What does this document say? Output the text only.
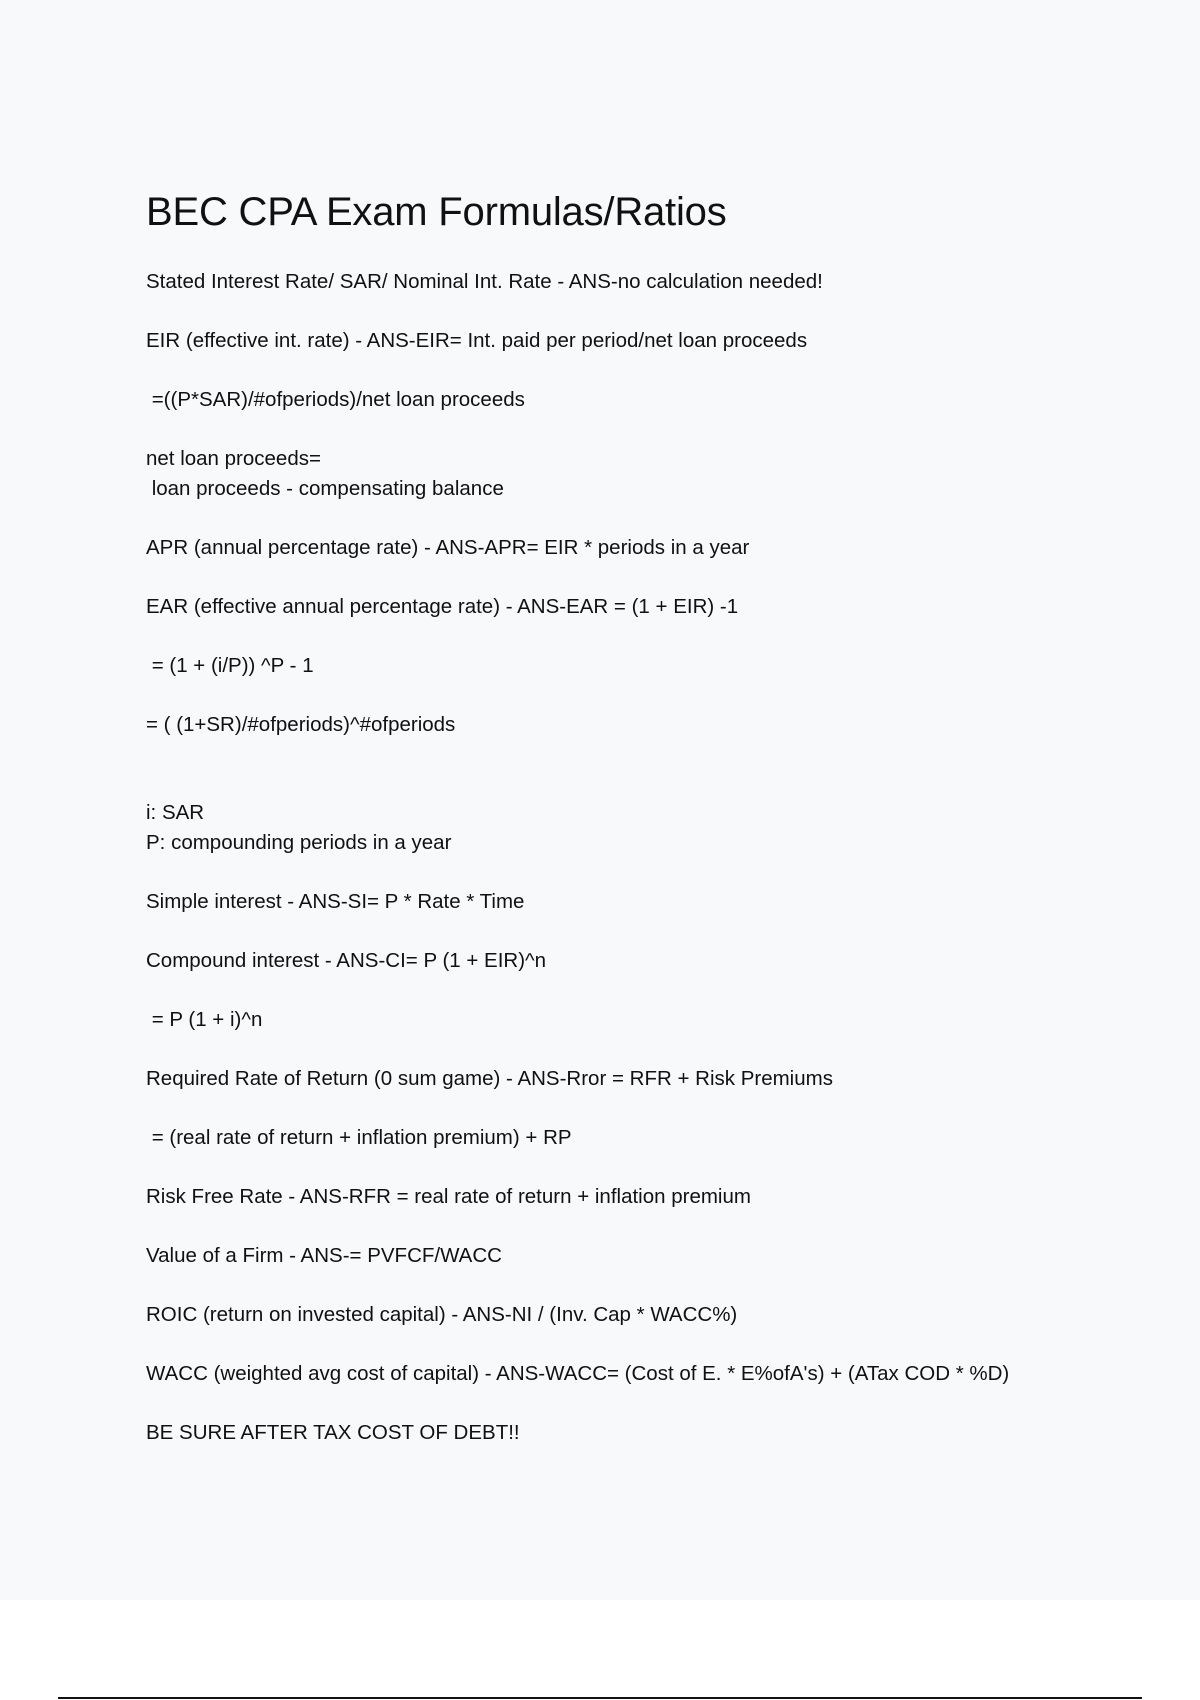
BEC CPA Exam Formulas/Ratios

Stated Interest Rate/ SAR/ Nominal Int. Rate - ANS-no calculation needed!

EIR (effective int. rate) - ANS-EIR= Int. paid per period/net loan proceeds

=((P*SAR)/#ofperiods)/net loan proceeds

net loan proceeds=

loan proceeds - compensating balance

APR (annual percentage rate) - ANS-APR= EIR * periods in a year

EAR (effective annual percentage rate) - ANS-EAR = (1 + EIR) -1

= (1 + (i/P)) ^P - 1

= ( (1+SR)/#ofperiods)^#ofperiods

i: SAR

P: compounding periods in a year

Simple interest - ANS-SI= P * Rate * Time

Compound interest - ANS-CI= P (1 + EIR)^n

= P (1 + i)^n

Required Rate of Return (0 sum game) - ANS-Rror = RFR + Risk Premiums

= (real rate of return + inflation premium) + RP

Risk Free Rate - ANS-RFR = real rate of return + inflation premium

Value of a Firm - ANS-= PVFCF/WACC

ROIC (return on invested capital) - ANS-NI / (Inv. Cap * WACC%)

WACC (weighted avg cost of capital) - ANS-WACC= (Cost of E. * E%ofA's) + (ATax COD * %D)

BE SURE AFTER TAX COST OF DEBT!!
